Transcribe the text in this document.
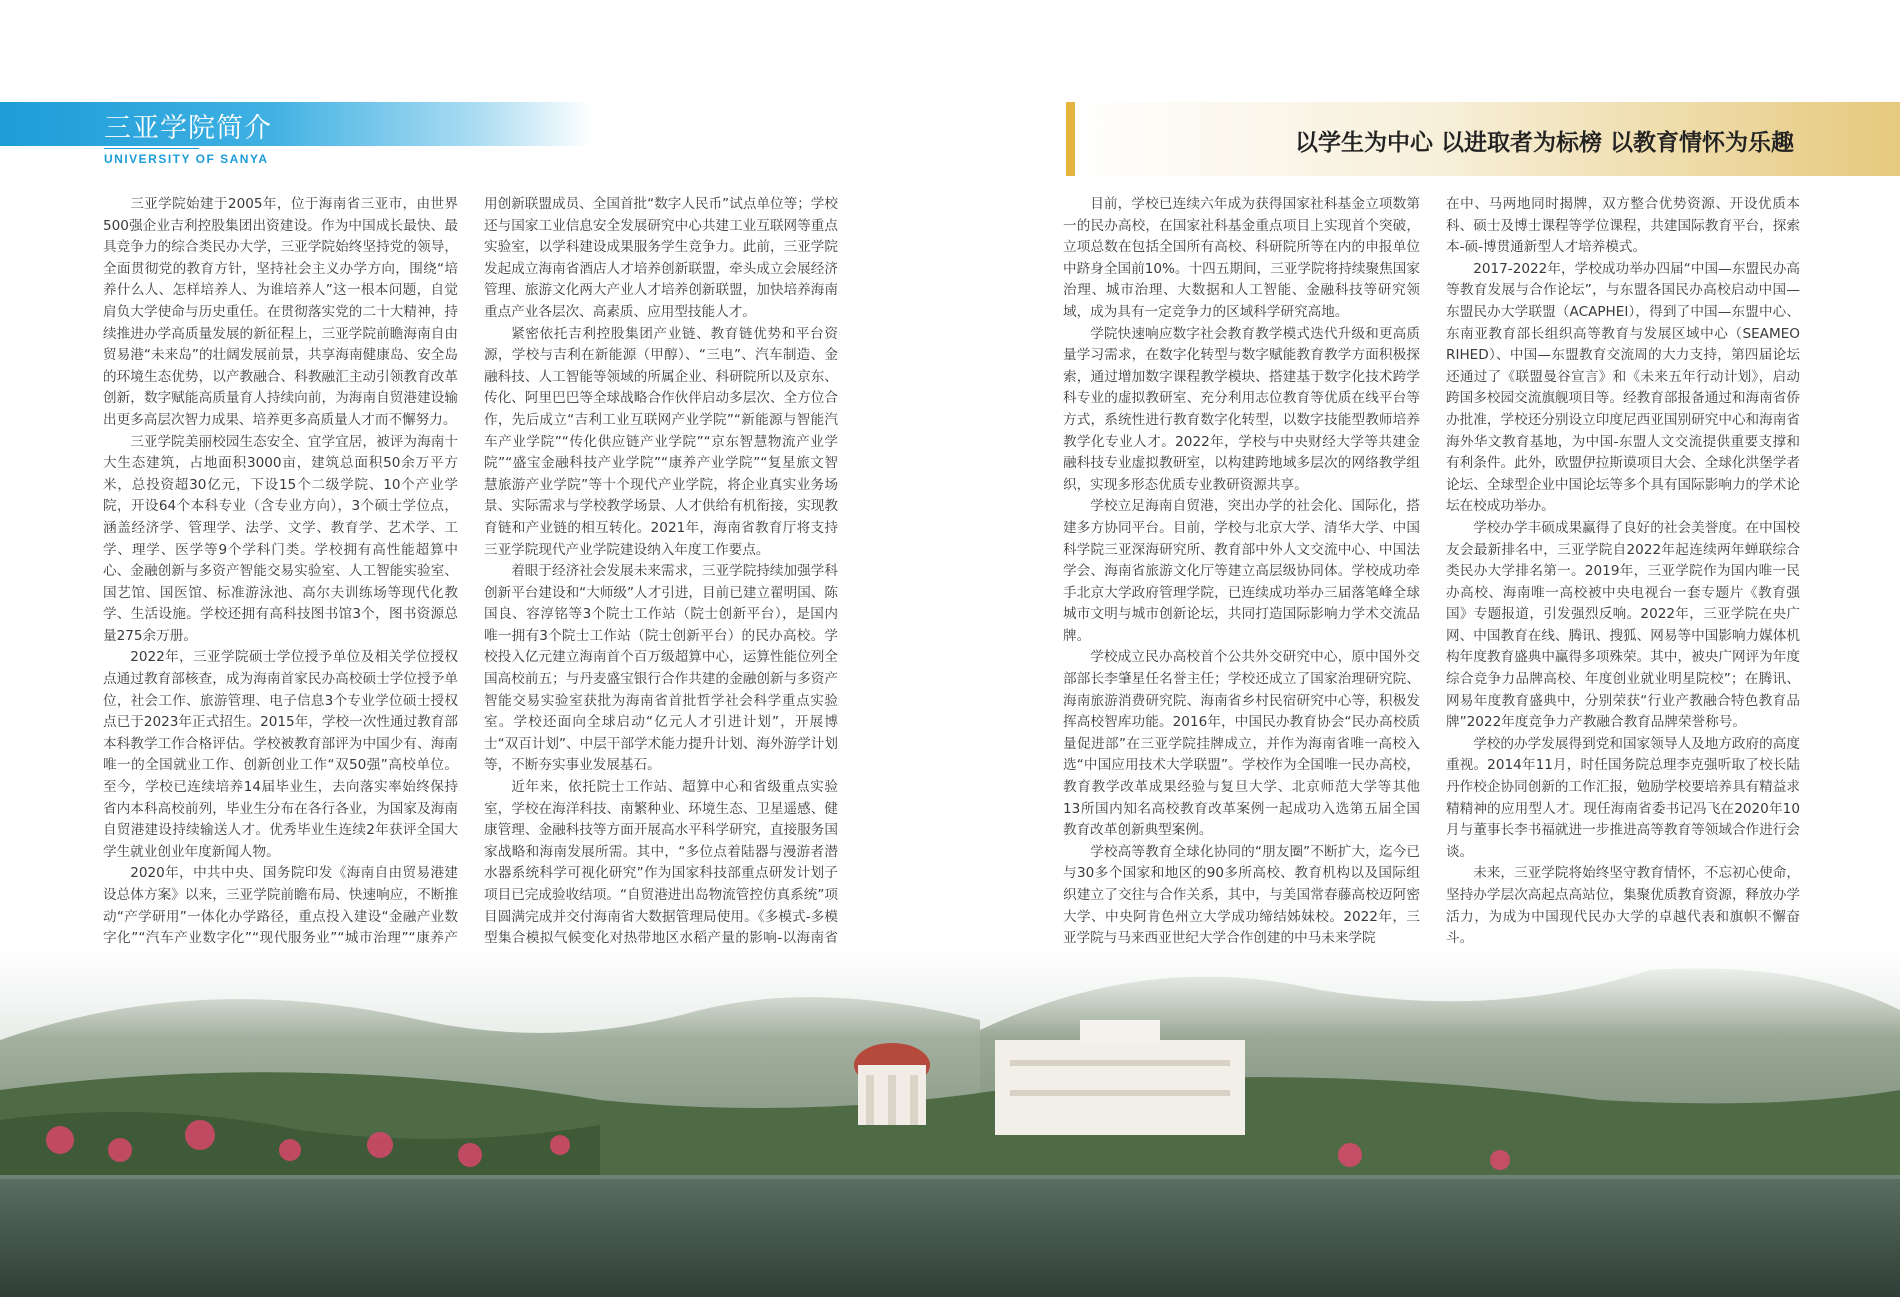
三亚学院简介
UNIVERSITY OF SANYA
以学生为中心 以进取者为标榜 以教育情怀为乐趣

三亚学院始建于2005年，位于海南省三亚市，由世界500强企业吉利控股集团出资建设。作为中国成长最快、最具竞争力的综合类民办大学，三亚学院始终坚持党的领导，全面贯彻党的教育方针，坚持社会主义办学方向，围绕“培养什么人、怎样培养人、为谁培养人”这一根本问题，自觉肩负大学使命与历史重任。在贯彻落实党的二十大精神，持续推进办学高质量发展的新征程上，三亚学院前瞻海南自由贸易港“未来岛”的壮阔发展前景，共享海南健康岛、安全岛的环境生态优势，以产教融合、科教融汇主动引领教育改革创新，数字赋能高质量育人持续向前，为海南自贸港建设输出更多高层次智力成果、培养更多高质量人才而不懈努力。

三亚学院美丽校园生态安全、宜学宜居，被评为海南十大生态建筑，占地面积3000亩，建筑总面积50余万平方米，总投资超30亿元，下设15个二级学院、10个产业学院，开设64个本科专业（含专业方向），3个硕士学位点，涵盖经济学、管理学、法学、文学、教育学、艺术学、工学、理学、医学等9个学科门类。学校拥有高性能超算中心、金融创新与多资产智能交易实验室、人工智能实验室、国艺馆、国医馆、标准游泳池、高尔夫训练场等现代化教学、生活设施。学校还拥有高科技图书馆3个，图书资源总量275余万册。

2022年，三亚学院硕士学位授予单位及相关学位授权点通过教育部核查，成为海南首家民办高校硕士学位授予单位，社会工作、旅游管理、电子信息3个专业学位硕士授权点已于2023年正式招生。2015年，学校一次性通过教育部本科教学工作合格评估。学校被教育部评为中国少有、海南唯一的全国就业工作、创新创业工作“双50强”高校单位。至今，学校已连续培养14届毕业生，去向落实率始终保持省内本科高校前列，毕业生分布在各行各业，为国家及海南自贸港建设持续输送人才。优秀毕业生连续2年获评全国大学生就业创业年度新闻人物。

2020年，中共中央、国务院印发《海南自由贸易港建设总体方案》以来，三亚学院前瞻布局、快速响应，不断推动“产学研用”一体化办学路径，重点投入建设“金融产业数字化”“汽车产业数字化”“现代服务业”“城市治理”“康养产

用创新联盟成员、全国首批“数字人民币”试点单位等；学校还与国家工业信息安全发展研究中心共建工业互联网等重点实验室，以学科建设成果服务学生竞争力。此前，三亚学院发起成立海南省酒店人才培养创新联盟，牵头成立会展经济管理、旅游文化两大产业人才培养创新联盟，加快培养海南重点产业各层次、高素质、应用型技能人才。

紧密依托吉利控股集团产业链、教育链优势和平台资源，学校与吉利在新能源（甲醇）、“三电”、汽车制造、金融科技、人工智能等领域的所属企业、科研院所以及京东、传化、阿里巴巴等全球战略合作伙伴启动多层次、全方位合作，先后成立“吉利工业互联网产业学院”“新能源与智能汽车产业学院”“传化供应链产业学院”“京东智慧物流产业学院”“盛宝金融科技产业学院”“康养产业学院”“复星旅文智慧旅游产业学院”等十个现代产业学院，将企业真实业务场景、实际需求与学校教学场景、人才供给有机衔接，实现教育链和产业链的相互转化。2021年，海南省教育厅将支持三亚学院现代产业学院建设纳入年度工作要点。

着眼于经济社会发展未来需求，三亚学院持续加强学科创新平台建设和“大师级”人才引进，目前已建立翟明国、陈国良、容淳铭等3个院士工作站（院士创新平台），是国内唯一拥有3个院士工作站（院士创新平台）的民办高校。学校投入亿元建立海南首个百万级超算中心，运算性能位列全国高校前五；与丹麦盛宝银行合作共建的金融创新与多资产智能交易实验室获批为海南省首批哲学社会科学重点实验室。学校还面向全球启动“亿元人才引进计划”，开展博士“双百计划”、中层干部学术能力提升计划、海外游学计划等，不断夯实事业发展基石。

近年来，依托院士工作站、超算中心和省级重点实验室，学校在海洋科技、南繁种业、环境生态、卫星遥感、健康管理、金融科技等方面开展高水平科学研究，直接服务国家战略和海南发展所需。其中，“多位点着陆器与漫游者潜水器系统科学可视化研究”作为国家科技部重点研发计划子项目已完成验收结项。“自贸港进出岛物流管控仿真系统”项目圆满完成并交付海南省大数据管理局使用。《多模式-多模型集合模拟气候变化对热带地区水稻产量的影响-以海南省

目前，学校已连续六年成为获得国家社科基金立项数第一的民办高校，在国家社科基金重点项目上实现首个突破，立项总数在包括全国所有高校、科研院所等在内的申报单位中跻身全国前10%。十四五期间，三亚学院将持续聚焦国家治理、城市治理、大数据和人工智能、金融科技等研究领域，成为具有一定竞争力的区域科学研究高地。

学院快速响应数字社会教育教学模式迭代升级和更高质量学习需求，在数字化转型与数字赋能教育教学方面积极探索，通过增加数字课程教学模块、搭建基于数字化技术跨学科专业的虚拟教研室、充分利用志位教育等优质在线平台等方式，系统性进行教育数字化转型，以数字技能型教师培养教学化专业人才。2022年，学校与中央财经大学等共建金融科技专业虚拟教研室，以构建跨地域多层次的网络教学组织，实现多形态优质专业教研资源共享。

学校立足海南自贸港，突出办学的社会化、国际化，搭建多方协同平台。目前，学校与北京大学、清华大学、中国科学院三亚深海研究所、教育部中外人文交流中心、中国法学会、海南省旅游文化厅等建立高层级协同体。学校成功牵手北京大学政府管理学院，已连续成功举办三届落笔峰全球城市文明与城市创新论坛，共同打造国际影响力学术交流品牌。

学校成立民办高校首个公共外交研究中心，原中国外交部部长李肇星任名誉主任；学校还成立了国家治理研究院、海南旅游消费研究院、海南省乡村民宿研究中心等，积极发挥高校智库功能。2016年，中国民办教育协会“民办高校质量促进部”在三亚学院挂牌成立，并作为海南省唯一高校入选“中国应用技术大学联盟”。学校作为全国唯一民办高校，教育教学改革成果经验与复旦大学、北京师范大学等其他13所国内知名高校教育改革案例一起成功入选第五届全国教育改革创新典型案例。

学校高等教育全球化协同的“朋友圈”不断扩大，迄今已与30多个国家和地区的90多所高校、教育机构以及国际组织建立了交往与合作关系，其中，与美国常春藤高校迈阿密大学、中央阿肯色州立大学成功缔结姊妹校。2022年，三亚学院与马来西亚世纪大学合作创建的中马未来学院

在中、马两地同时揭牌，双方整合优势资源、开设优质本科、硕士及博士课程等学位课程，共建国际教育平台，探索本-硕-博贯通新型人才培养模式。

2017-2022年，学校成功举办四届“中国—东盟民办高等教育发展与合作论坛”，与东盟各国民办高校启动中国—东盟民办大学联盟（ACAPHEI），得到了中国—东盟中心、东南亚教育部长组织高等教育与发展区域中心（SEAMEO RIHED）、中国—东盟教育交流周的大力支持，第四届论坛还通过了《联盟曼谷宣言》和《未来五年行动计划》，启动跨国多校园交流旗舰项目等。经教育部报备通过和海南省侨办批准，学校还分别设立印度尼西亚国别研究中心和海南省海外华文教育基地，为中国-东盟人文交流提供重要支撑和有利条件。此外，欧盟伊拉斯谟项目大会、全球化洪堡学者论坛、全球型企业中国论坛等多个具有国际影响力的学术论坛在校成功举办。

学校办学丰硕成果赢得了良好的社会美誉度。在中国校友会最新排名中，三亚学院自2022年起连续两年蝉联综合类民办大学排名第一。2019年，三亚学院作为国内唯一民办高校、海南唯一高校被中央电视台一套专题片《教育强国》专题报道，引发强烈反响。2022年，三亚学院在央广网、中国教育在线、腾讯、搜狐、网易等中国影响力媒体机构年度教育盛典中赢得多项殊荣。其中，被央广网评为年度综合竞争力品牌高校、年度创业就业明星院校”；在腾讯、网易年度教育盛典中，分别荣获“行业产教融合特色教育品牌”2022年度竞争力产教融合教育品牌荣誉称号。

学校的办学发展得到党和国家领导人及地方政府的高度重视。2014年11月，时任国务院总理李克强听取了校长陆丹作校企协同创新的工作汇报，勉励学校要培养具有精益求精精神的应用型人才。现任海南省委书记冯飞在2020年10月与董事长李书福就进一步推进高等教育等领域合作进行会谈。

未来，三亚学院将始终坚守教育情怀，不忘初心使命，坚持办学层次高起点高站位，集聚优质教育资源，释放办学活力，为成为中国现代民办大学的卓越代表和旗帜不懈奋斗。
